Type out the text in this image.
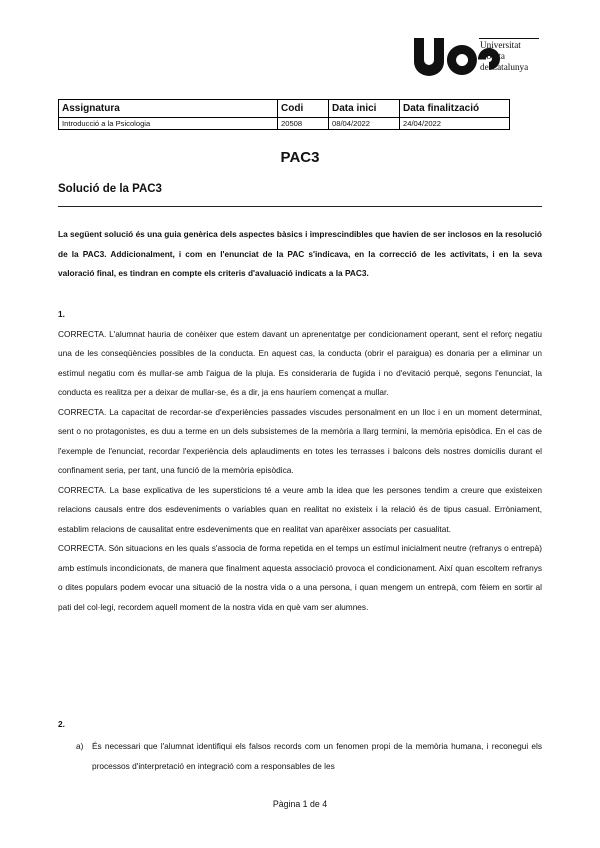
Universitat
Oberta
de Catalunya
Assignatura	Codi	Data inici	Data finalització
Introducció a la Psicologia	20508	08/04/2022	24/04/2022
PAC3
Solució de la PAC3
La següent solució és una guia genèrica dels aspectes bàsics i imprescindibles que havien de ser inclosos en la resolució de la PAC3. Addicionalment, i com en l'enunciat de la PAC s'indicava, en la correcció de les activitats, i en la seva valoració final, es tindran en compte els criteris d'avaluació indicats a la PAC3.
1.
CORRECTA. L'alumnat hauria de conèixer que estem davant un aprenentatge per condicionament operant, sent el reforç negatiu una de les conseqüències possibles de la conducta. En aquest cas, la conducta (obrir el paraigua) es donaria per a eliminar un estímul negatiu com és mullar-se amb l'aigua de la pluja. Es consideraria de fugida i no d'evitació perquè, segons l'enunciat, la conducta es realitza per a deixar de mullar-se, és a dir, ja ens hauríem començat a mullar.
CORRECTA. La capacitat de recordar-se d'experiències passades viscudes personalment en un lloc i en un moment determinat, sent o no protagonistes, es duu a terme en un dels subsistemes de la memòria a llarg termini, la memòria episòdica. En el cas de l'exemple de l'enunciat, recordar l'experiència dels aplaudiments en totes les terrasses i balcons dels nostres domicilis durant el confinament seria, per tant, una funció de la memòria episòdica.
CORRECTA. La base explicativa de les supersticions té a veure amb la idea que les persones tendim a creure que existeixen relacions causals entre dos esdeveniments o variables quan en realitat no existeix i la relació és de tipus casual. Erròniament, establim relacions de causalitat entre esdeveniments que en realitat van aparèixer associats per casualitat.
CORRECTA. Són situacions en les quals s'associa de forma repetida en el temps un estímul inicialment neutre (refranys o entrepà) amb estímuls incondicionats, de manera que finalment aquesta associació provoca el condicionament. Així quan escoltem refranys o dites populars podem evocar una situació de la nostra vida o a una persona, i quan mengem un entrepà, com fèiem en sortir al pati del col·legi, recordem aquell moment de la nostra vida en què vam ser alumnes.
2.
a) És necessari que l'alumnat identifiqui els falsos records com un fenomen propi de la memòria humana, i reconegui els processos d'interpretació en integració com a responsables de les
Pàgina 1 de 4
